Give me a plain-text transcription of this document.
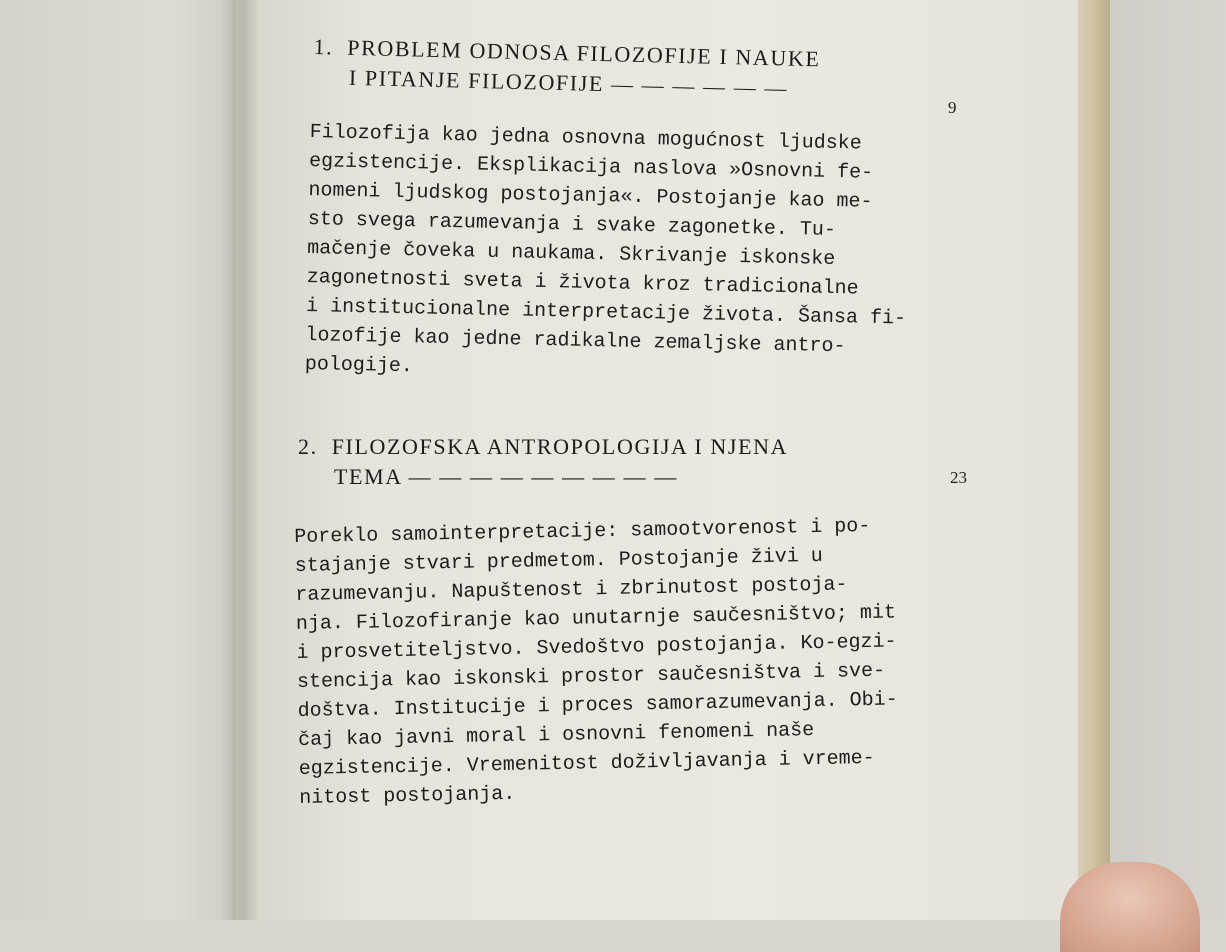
1. PROBLEM ODNOSA FILOZOFIJE I NAUKE
I PITANJE FILOZOFIJE — — — — — —
9
Filozofija kao jedna osnovna mogućnost ljudske
egzistencije. Eksplikacija naslova »Osnovni fe-
nomeni ljudskog postojanja«. Postojanje kao me-
sto svega razumevanja i svake zagonetke. Tu-
mačenje čoveka u naukama. Skrivanje iskonske
zagonetnosti sveta i života kroz tradicionalne
i institucionalne interpretacije života. Šansa fi-
lozofije kao jedne radikalne zemaljske antro-
pologije.
2. FILOZOFSKA ANTROPOLOGIJA I NJENA
TEMA — — — — — — — — —	23
Poreklo samointerpretacije: samootvorenost i po-
stajanje stvari predmetom. Postojanje živi u
razumevanju. Napuštenost i zbrinutost postoja-
nja. Filozofiranje kao unutarnje saučesništvo; mit
i prosvetiteljstvo. Svedoštvo postojanja. Ko-egzi-
stencija kao iskonski prostor saučesništva i sve-
doštva. Institucije i proces samorazumevanja. Obi-
čaj kao javni moral i osnovni fenomeni naše
egzistencije. Vremenitost doživljavanja i vreme-
nitost postojanja.
